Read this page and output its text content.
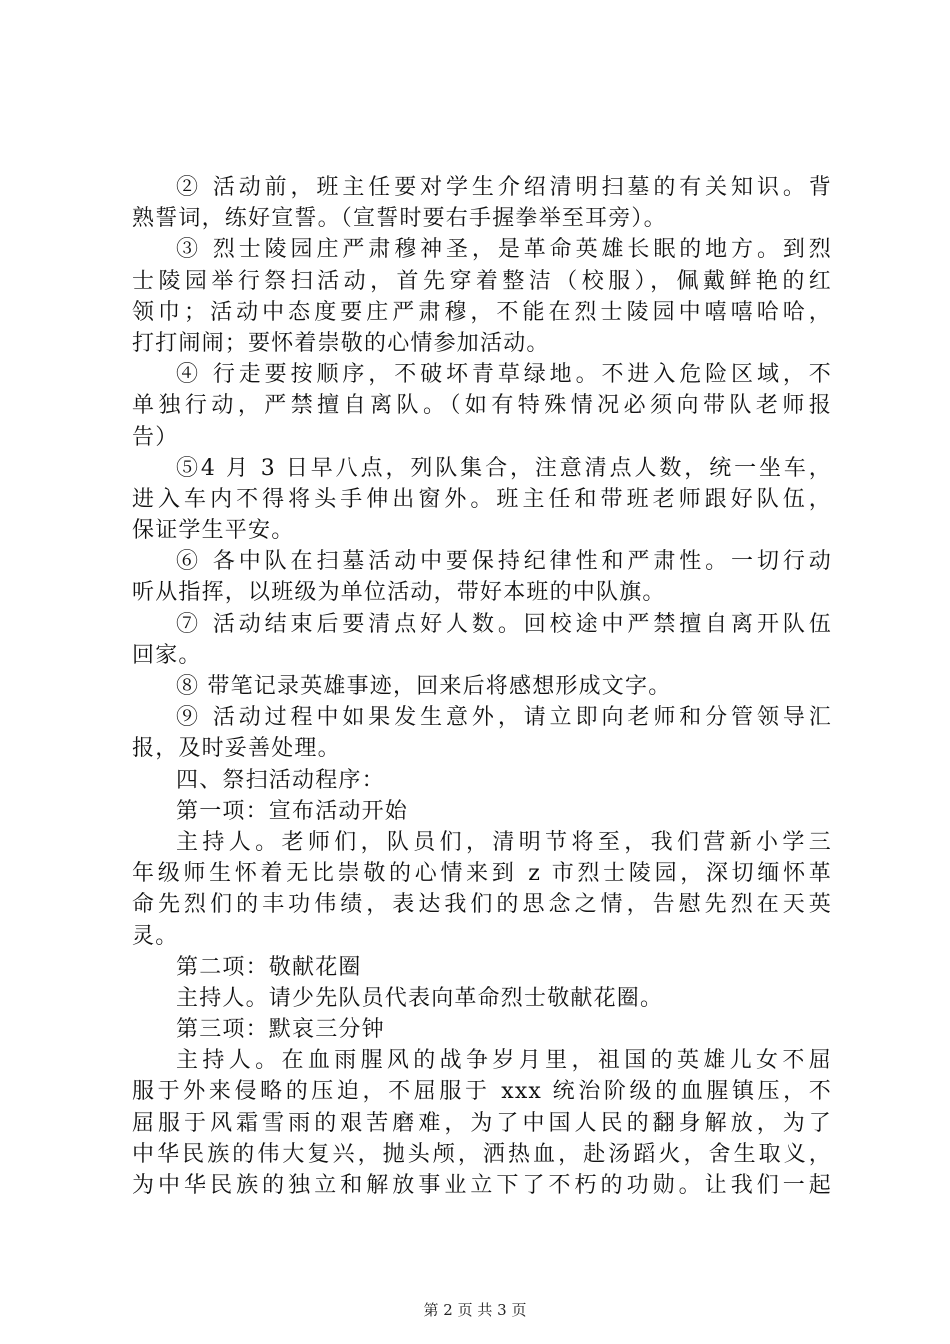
② 活动前，班主任要对学生介绍清明扫墓的有关知识。背
熟誓词，练好宣誓。（宣誓时要右手握拳举至耳旁）。
③ 烈士陵园庄严肃穆神圣，是革命英雄长眠的地方。到烈
士陵园举行祭扫活动，首先穿着整洁（校服），佩戴鲜艳的红
领巾；活动中态度要庄严肃穆，不能在烈士陵园中嘻嘻哈哈，
打打闹闹；要怀着崇敬的心情参加活动。
④ 行走要按顺序，不破坏青草绿地。不进入危险区域，不
单独行动，严禁擅自离队。（如有特殊情况必须向带队老师报
告）
⑤4 月 3 日早八点，列队集合，注意清点人数，统一坐车，
进入车内不得将头手伸出窗外。班主任和带班老师跟好队伍，
保证学生平安。
⑥ 各中队在扫墓活动中要保持纪律性和严肃性。一切行动
听从指挥，以班级为单位活动，带好本班的中队旗。
⑦ 活动结束后要清点好人数。回校途中严禁擅自离开队伍
回家。
⑧ 带笔记录英雄事迹，回来后将感想形成文字。
⑨ 活动过程中如果发生意外，请立即向老师和分管领导汇
报，及时妥善处理。
四、祭扫活动程序：
第一项：宣布活动开始
主持人。老师们，队员们，清明节将至，我们营新小学三
年级师生怀着无比崇敬的心情来到 z 市烈士陵园，深切缅怀革
命先烈们的丰功伟绩，表达我们的思念之情，告慰先烈在天英
灵。
第二项：敬献花圈
主持人。请少先队员代表向革命烈士敬献花圈。
第三项：默哀三分钟
主持人。在血雨腥风的战争岁月里，祖国的英雄儿女不屈
服于外来侵略的压迫，不屈服于 xxx 统治阶级的血腥镇压，不
屈服于风霜雪雨的艰苦磨难，为了中国人民的翻身解放，为了
中华民族的伟大复兴，抛头颅，洒热血，赴汤蹈火，舍生取义，
为中华民族的独立和解放事业立下了不朽的功勋。让我们一起
第 2 页 共 3 页
